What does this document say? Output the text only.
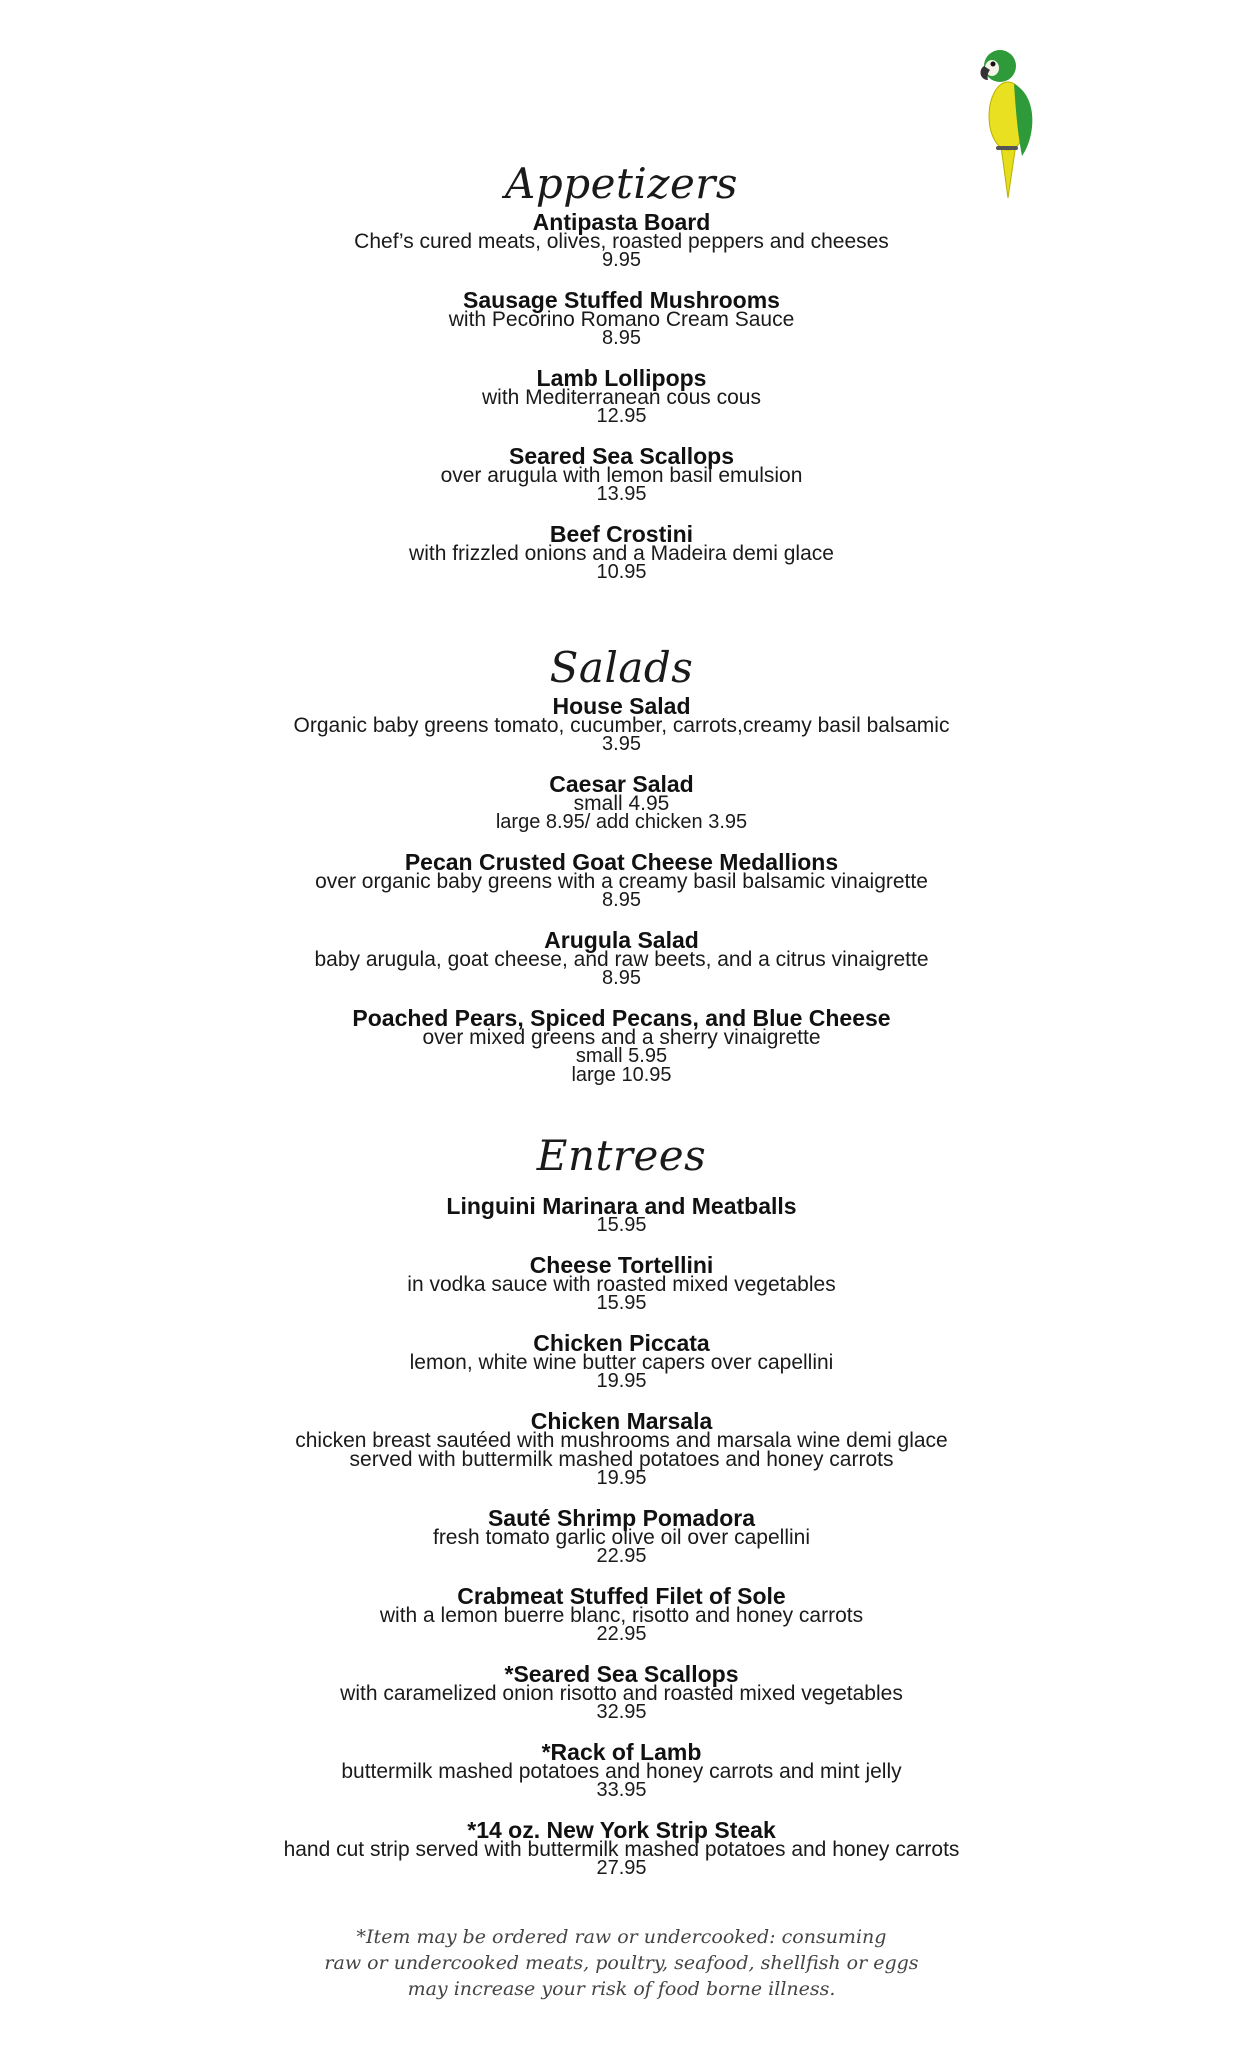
Appetizers
Antipasta Board
Chef’s cured meats, olives, roasted peppers and cheeses
9.95
Sausage Stuffed Mushrooms
with Pecorino Romano Cream Sauce
8.95
Lamb Lollipops
with Mediterranean cous cous
12.95
Seared Sea Scallops
over arugula with lemon basil emulsion
13.95
Beef Crostini
with frizzled onions and a Madeira demi glace
10.95
Salads
House Salad
Organic baby greens tomato, cucumber, carrots,creamy basil balsamic
3.95
Caesar Salad
small 4.95
large 8.95/ add chicken 3.95
Pecan Crusted Goat Cheese Medallions
over organic baby greens with a creamy basil balsamic vinaigrette
8.95
Arugula Salad
baby arugula, goat cheese, and raw beets, and a citrus vinaigrette
8.95
Poached Pears, Spiced Pecans, and Blue Cheese
over mixed greens and a sherry vinaigrette
small 5.95
large 10.95
Entrees
Linguini Marinara and Meatballs
15.95
Cheese Tortellini
in vodka sauce with roasted mixed vegetables
15.95
Chicken Piccata
lemon, white wine butter capers over capellini
19.95
Chicken Marsala
chicken breast sautéed with mushrooms and marsala wine demi glace
served with buttermilk mashed potatoes and honey carrots
19.95
Sauté Shrimp Pomadora
fresh tomato garlic olive oil over capellini
22.95
Crabmeat Stuffed Filet of Sole
with a lemon buerre blanc, risotto and honey carrots
22.95
*Seared Sea Scallops
with caramelized onion risotto and roasted mixed vegetables
32.95
*Rack of Lamb
buttermilk mashed potatoes and honey carrots and mint jelly
33.95
*14 oz. New York Strip Steak
hand cut strip served with buttermilk mashed potatoes and honey carrots
27.95
*Item may be ordered raw or undercooked: consuming
raw or undercooked meats, poultry, seafood, shellfish or eggs
may increase your risk of food borne illness.
